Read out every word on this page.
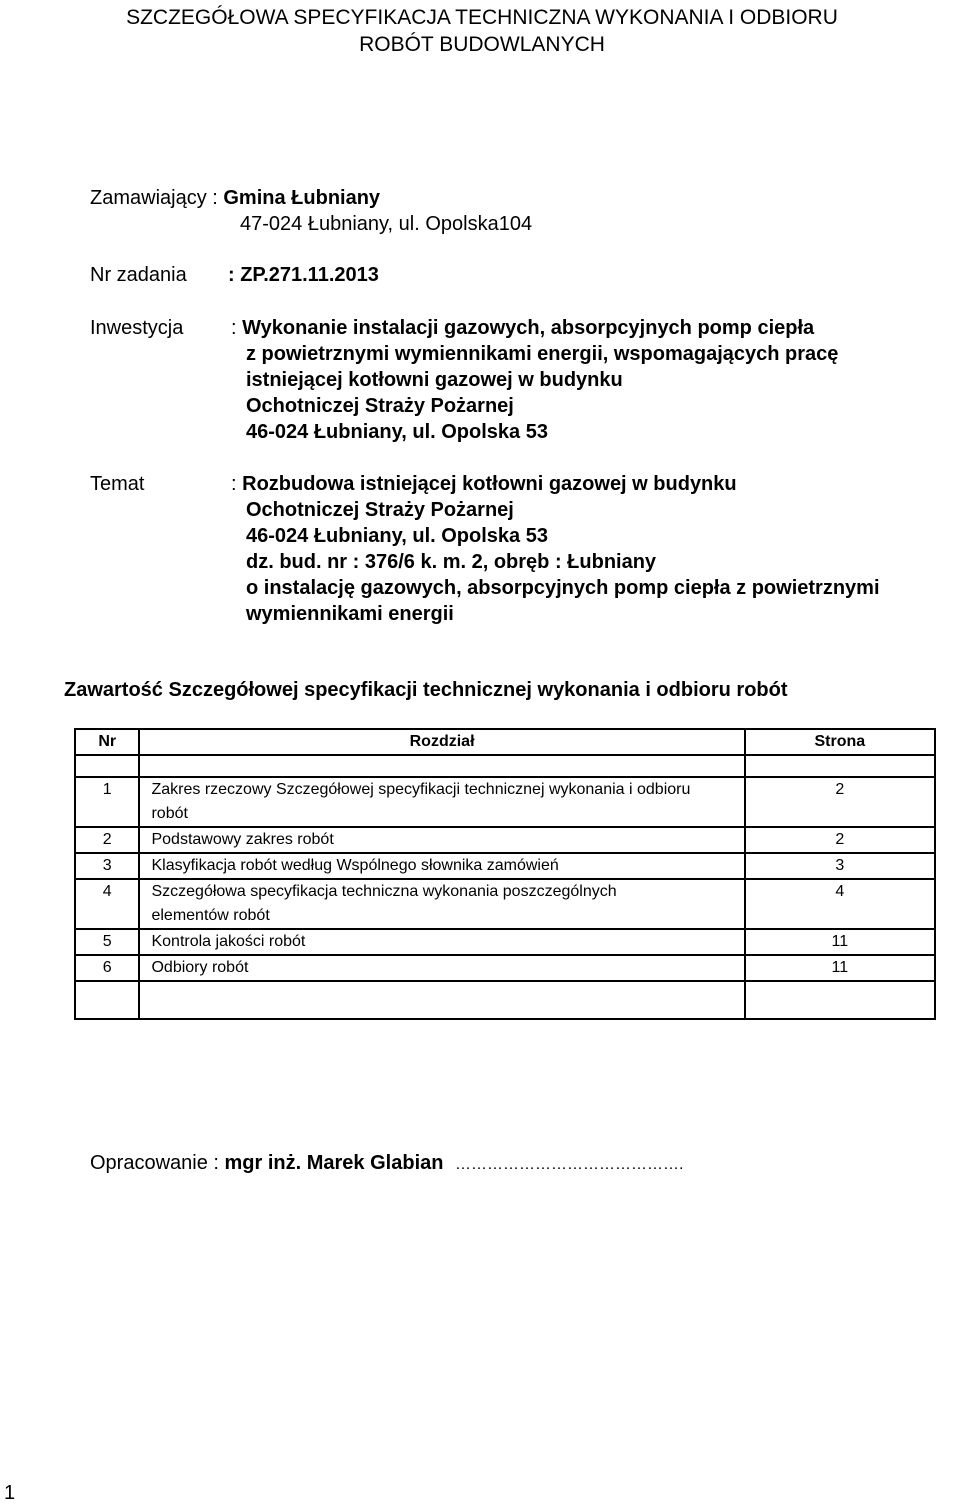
SZCZEGÓŁOWA SPECYFIKACJA TECHNICZNA WYKONANIA I ODBIORU
ROBÓT BUDOWLANYCH
Zamawiający : Gmina Łubniany
47-024 Łubniany, ul. Opolska104
Nr zadania : ZP.271.11.2013
Inwestycja : Wykonanie instalacji gazowych, absorpcyjnych pomp ciepła
z powietrznymi wymiennikami energii, wspomagających pracę
istniejącej kotłowni gazowej w budynku
Ochotniczej Straży Pożarnej
46-024 Łubniany, ul. Opolska 53
Temat	: Rozbudowa istniejącej kotłowni gazowej w budynku
Ochotniczej Straży Pożarnej
46-024 Łubniany, ul. Opolska 53
dz. bud. nr : 376/6 k. m. 2, obręb : Łubniany
o instalację gazowych, absorpcyjnych pomp ciepła z powietrznymi
wymiennikami energii
Zawartość Szczegółowej specyfikacji technicznej wykonania i odbioru robót
Nr	Rozdział	Strona

1	Zakres rzeczowy Szczegółowej specyfikacji technicznej wykonania i odbioru robót	2
2	Podstawowy zakres robót	2
3	Klasyfikacja robót według Wspólnego słownika zamówień	3
4	Szczegółowa specyfikacja techniczna wykonania poszczególnych elementów robót	4
5	Kontrola jakości robót	11
6	Odbiory robót	11

Opracowanie : mgr inż. Marek Glabian …………………………………….
1
